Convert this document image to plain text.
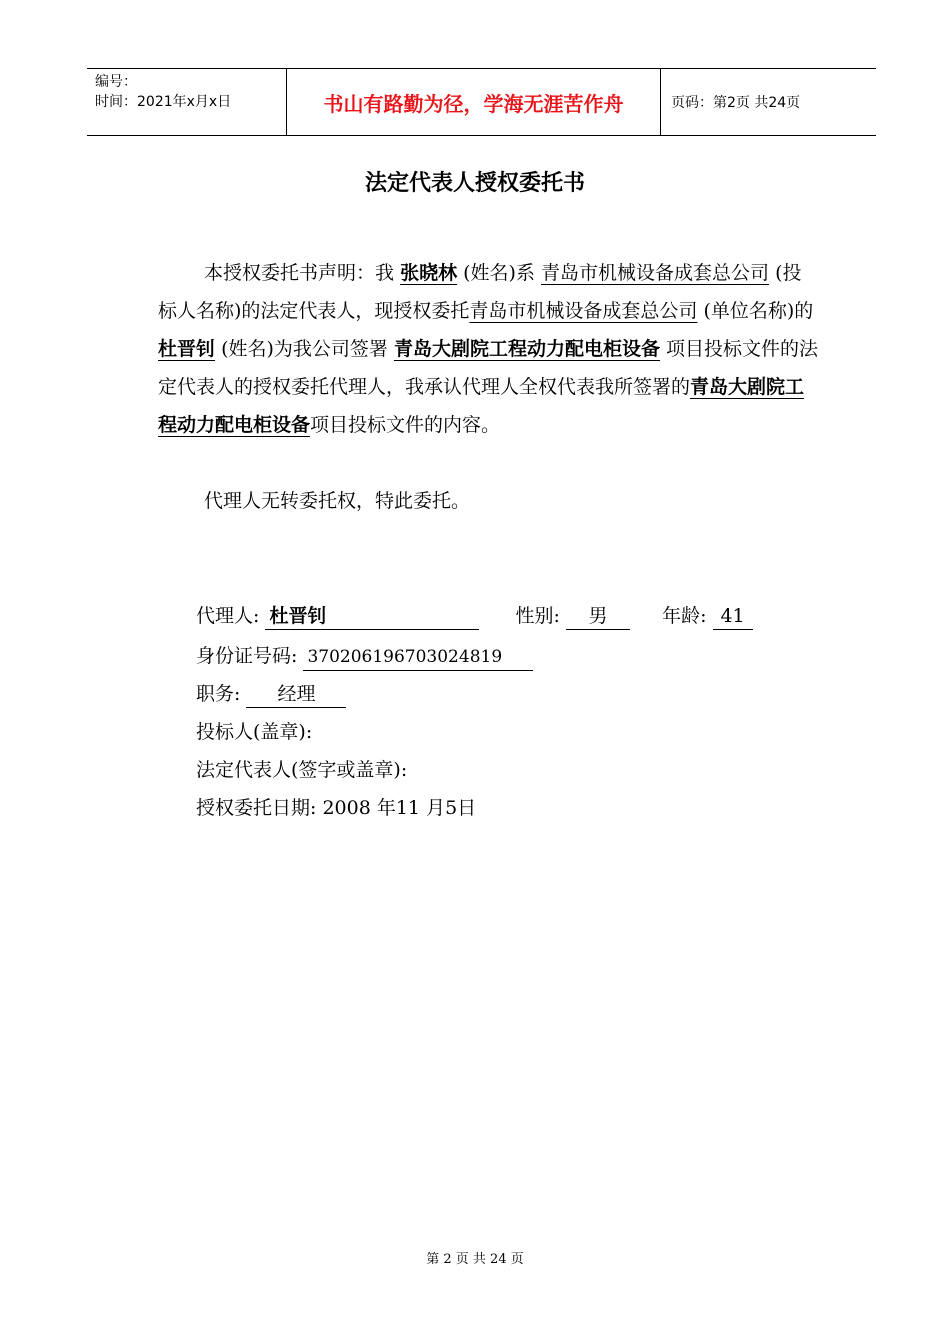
编号：
时间：2021年x月x日	书山有路勤为径，学海无涯苦作舟	页码：第2页 共24页
法定代表人授权委托书
本授权委托书声明：我 张晓林 (姓名)系 青岛市机械设备成套总公司 (投标人名称)的法定代表人，现授权委托青岛市机械设备成套总公司 (单位名称)的 杜晋钊 (姓名)为我公司签署 青岛大剧院工程动力配电柜设备 项目投标文件的法定代表人的授权委托代理人，我承认代理人全权代表我所签署的青岛大剧院工程动力配电柜设备项目投标文件的内容。
代理人无转委托权，特此委托。
代理人: 杜晋钊	性别: 男	年龄: 41
身份证号码: 370206196703024819
职务: 经理
投标人(盖章):
法定代表人(签字或盖章):
授权委托日期: 2008 年11 月5日
第 2 页 共 24 页
